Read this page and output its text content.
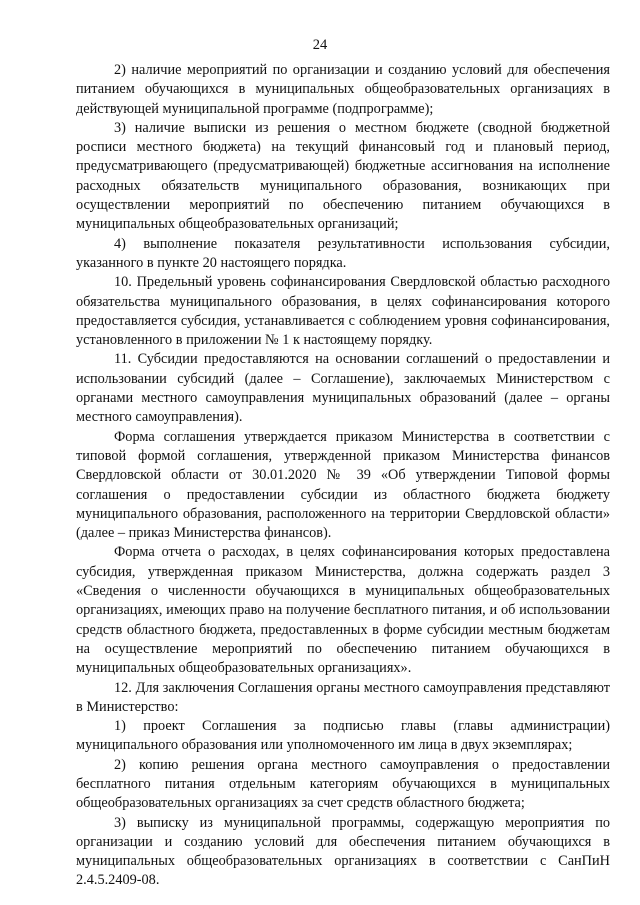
24

2) наличие мероприятий по организации и созданию условий для обеспечения питанием обучающихся в муниципальных общеобразовательных организациях в действующей муниципальной программе (подпрограмме);

3) наличие выписки из решения о местном бюджете (сводной бюджетной росписи местного бюджета) на текущий финансовый год и плановый период, предусматривающего (предусматривающей) бюджетные ассигнования на исполнение расходных обязательств муниципального образования, возникающих при осуществлении мероприятий по обеспечению питанием обучающихся в муниципальных общеобразовательных организаций;

4) выполнение показателя результативности использования субсидии, указанного в пункте 20 настоящего порядка.

10. Предельный уровень софинансирования Свердловской областью расходного обязательства муниципального образования, в целях софинансирования которого предоставляется субсидия, устанавливается с соблюдением уровня софинансирования, установленного в приложении № 1 к настоящему порядку.

11. Субсидии предоставляются на основании соглашений о предоставлении и использовании субсидий (далее – Соглашение), заключаемых Министерством с органами местного самоуправления муниципальных образований (далее – органы местного самоуправления).

Форма соглашения утверждается приказом Министерства в соответствии с типовой формой соглашения, утвержденной приказом Министерства финансов Свердловской области от 30.01.2020 № 39 «Об утверждении Типовой формы соглашения о предоставлении субсидии из областного бюджета бюджету муниципального образования, расположенного на территории Свердловской области» (далее – приказ Министерства финансов).

Форма отчета о расходах, в целях софинансирования которых предоставлена субсидия, утвержденная приказом Министерства, должна содержать раздел 3 «Сведения о численности обучающихся в муниципальных общеобразовательных организациях, имеющих право на получение бесплатного питания, и об использовании средств областного бюджета, предоставленных в форме субсидии местным бюджетам на осуществление мероприятий по обеспечению питанием обучающихся в муниципальных общеобразовательных организациях».

12. Для заключения Соглашения органы местного самоуправления представляют в Министерство:

1) проект Соглашения за подписью главы (главы администрации) муниципального образования или уполномоченного им лица в двух экземплярах;

2) копию решения органа местного самоуправления о предоставлении бесплатного питания отдельным категориям обучающихся в муниципальных общеобразовательных организациях за счет средств областного бюджета;

3) выписку из муниципальной программы, содержащую мероприятия по организации и созданию условий для обеспечения питанием обучающихся в муниципальных общеобразовательных организациях в соответствии с СанПиН 2.4.5.2409-08.
